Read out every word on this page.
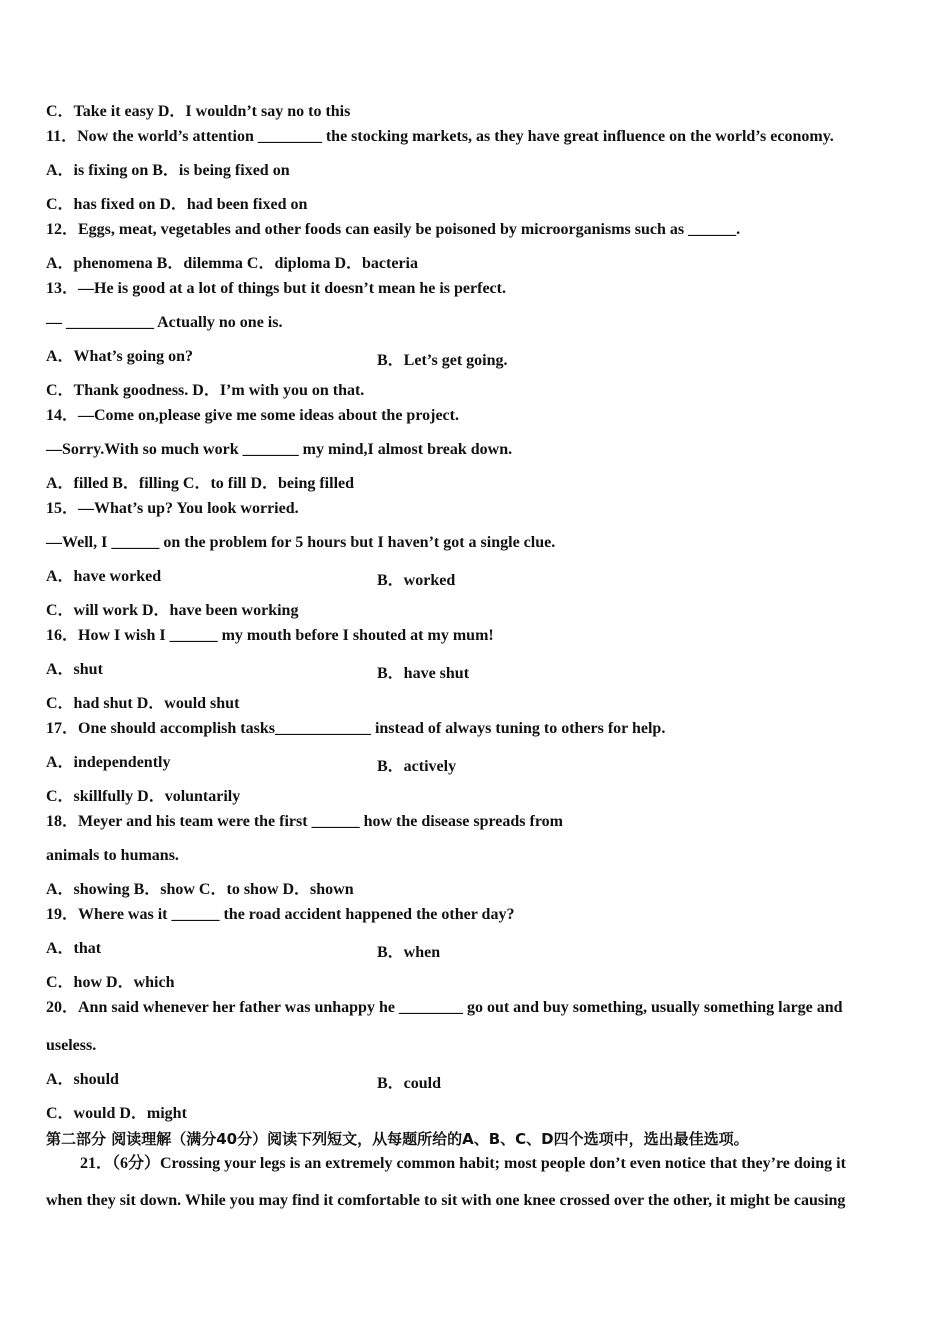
C．Take it easy D．I wouldn’t say no to this
11．Now the world’s attention ________ the stocking markets, as they have great influence on the world’s economy.
A．is fixing on B．is being fixed on
C．has fixed on D．had been fixed on
12．Eggs, meat, vegetables and other foods can easily be poisoned by microorganisms such as ______.
A．phenomena B．dilemma C．diploma D．bacteria
13．—He is good at a lot of things but it doesn’t mean he is perfect.
— ___________ Actually no one is.
A．What’s going on?	B．Let’s get going.
C．Thank goodness. D．I’m with you on that.
14．—Come on,please give me some ideas about the project.
—Sorry.With so much work _______ my mind,I almost break down.
A．filled B．filling C．to fill D．being filled
15．—What’s up? You look worried.
—Well, I ______ on the problem for 5 hours but I haven’t got a single clue.
A．have worked	B．worked
C．will work D．have been working
16．How I wish I ______ my mouth before I shouted at my mum!
A．shut	B．have shut
C．had shut D．would shut
17．One should accomplish tasks____________ instead of always tuning to others for help.
A．independently	B．actively
C．skillfully D．voluntarily
18．Meyer and his team were the first ______ how the disease spreads from
animals to humans.
A．showing B．show C．to show D．shown
19．Where was it ______ the road accident happened the other day?
A．that	B．when
C．how D．which
20．Ann said whenever her father was unhappy he ________ go out and buy something, usually something large and
useless.
A．should	B．could
C．would D．might
第二部分 阅读理解（满分40分）阅读下列短文，从每题所给的A、B、C、D四个选项中，选出最佳选项。
21．（6分）Crossing your legs is an extremely common habit; most people don’t even notice that they’re doing it
when they sit down. While you may find it comfortable to sit with one knee crossed over the other, it might be causing
